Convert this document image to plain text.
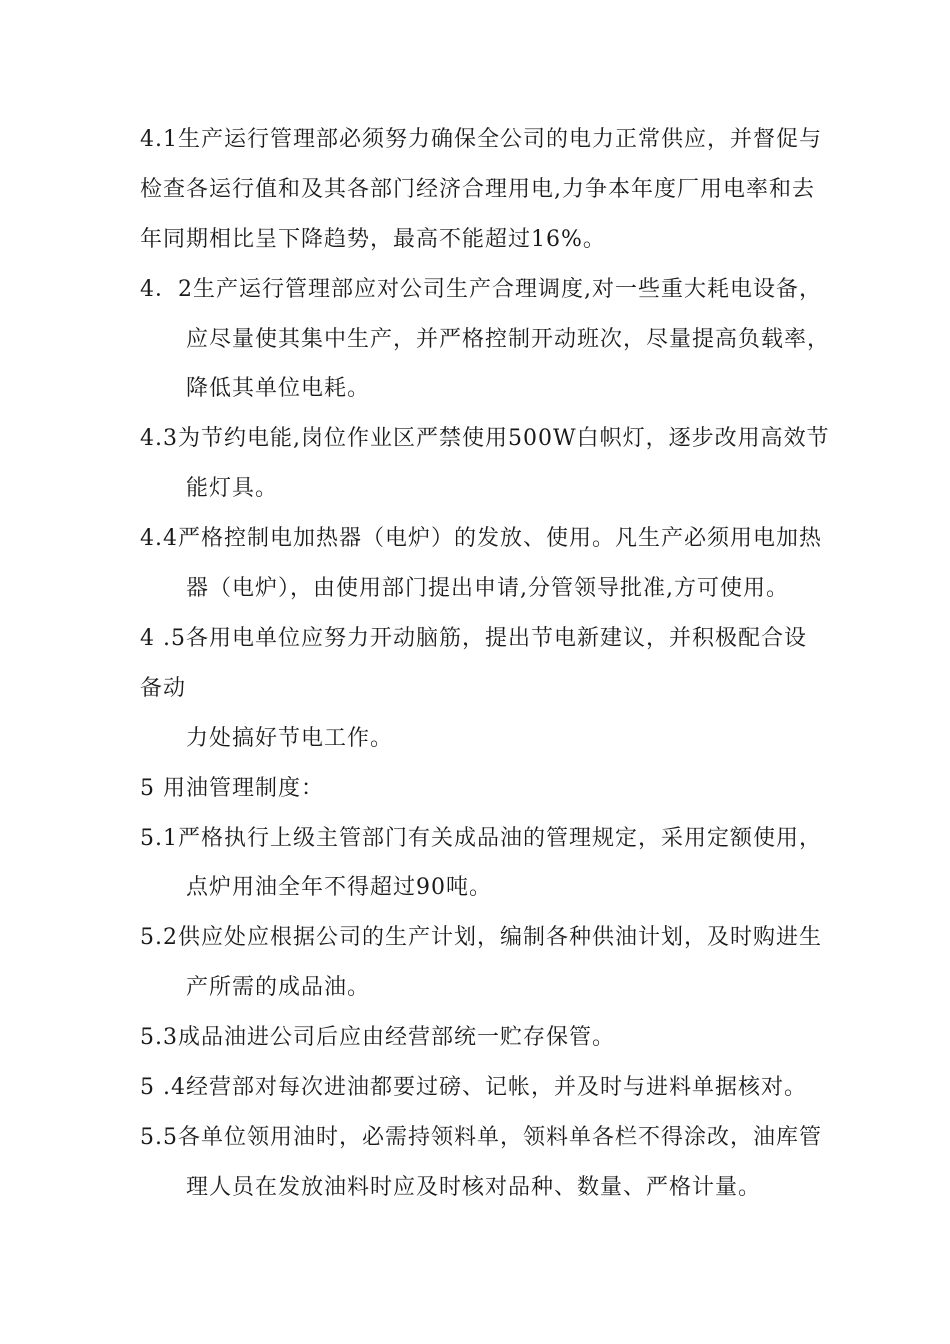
4.1生产运行管理部必须努力确保全公司的电力正常供应，并督促与
检查各运行值和及其各部门经济合理用电,力争本年度厂用电率和去
年同期相比呈下降趋势，最高不能超过16%。
4．2生产运行管理部应对公司生产合理调度,对一些重大耗电设备，
应尽量使其集中生产，并严格控制开动班次，尽量提高负载率，
降低其单位电耗。
4.3为节约电能,岗位作业区严禁使用500W白帜灯，逐步改用高效节
能灯具。
4.4严格控制电加热器（电炉）的发放、使用。凡生产必须用电加热
器（电炉），由使用部门提出申请,分管领导批准,方可使用。
4 .5各用电单位应努力开动脑筋，提出节电新建议，并积极配合设
备动
力处搞好节电工作。
5 用油管理制度：
5.1严格执行上级主管部门有关成品油的管理规定，采用定额使用，
点炉用油全年不得超过90吨。
5.2供应处应根据公司的生产计划，编制各种供油计划，及时购进生
产所需的成品油。
5.3成品油进公司后应由经营部统一贮存保管。
5 .4经营部对每次进油都要过磅、记帐，并及时与进料单据核对。
5.5各单位领用油时，必需持领料单，领料单各栏不得涂改，油库管
理人员在发放油料时应及时核对品种、数量、严格计量。
